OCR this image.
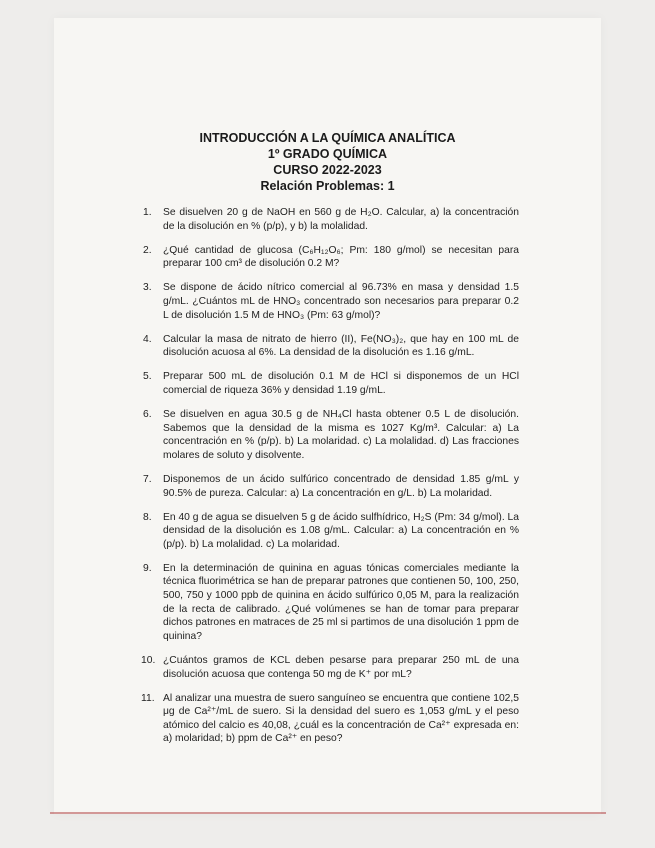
INTRODUCCIÓN A LA QUÍMICA ANALÍTICA
1º GRADO QUÍMICA
CURSO 2022-2023
Relación Problemas: 1
1. Se disuelven 20 g de NaOH en 560 g de H₂O. Calcular, a) la concentración de la disolución en % (p/p), y b) la molalidad.
2. ¿Qué cantidad de glucosa (C₆H₁₂O₆; Pm: 180 g/mol) se necesitan para preparar 100 cm³ de disolución 0.2 M?
3. Se dispone de ácido nítrico comercial al 96.73% en masa y densidad 1.5 g/mL. ¿Cuántos mL de HNO₃ concentrado son necesarios para preparar 0.2 L de disolución 1.5 M de HNO₃ (Pm: 63 g/mol)?
4. Calcular la masa de nitrato de hierro (II), Fe(NO₃)₂, que hay en 100 mL de disolución acuosa al 6%. La densidad de la disolución es 1.16 g/mL.
5. Preparar 500 mL de disolución 0.1 M de HCl si disponemos de un HCl comercial de riqueza 36% y densidad 1.19 g/mL.
6. Se disuelven en agua 30.5 g de NH₄Cl hasta obtener 0.5 L de disolución. Sabemos que la densidad de la misma es 1027 Kg/m³. Calcular: a) La concentración en % (p/p). b) La molaridad. c) La molalidad. d) Las fracciones molares de soluto y disolvente.
7. Disponemos de un ácido sulfúrico concentrado de densidad 1.85 g/mL y 90.5% de pureza. Calcular: a) La concentración en g/L. b) La molaridad.
8. En 40 g de agua se disuelven 5 g de ácido sulfhídrico, H₂S (Pm: 34 g/mol). La densidad de la disolución es 1.08 g/mL. Calcular: a) La concentración en % (p/p). b) La molalidad. c) La molaridad.
9. En la determinación de quinina en aguas tónicas comerciales mediante la técnica fluorimétrica se han de preparar patrones que contienen 50, 100, 250, 500, 750 y 1000 ppb de quinina en ácido sulfúrico 0,05 M, para la realización de la recta de calibrado. ¿Qué volúmenes se han de tomar para preparar dichos patrones en matraces de 25 ml si partimos de una disolución 1 ppm de quinina?
10. ¿Cuántos gramos de KCL deben pesarse para preparar 250 mL de una disolución acuosa que contenga 50 mg de K⁺ por mL?
11. Al analizar una muestra de suero sanguíneo se encuentra que contiene 102,5 μg de Ca²⁺/mL de suero. Si la densidad del suero es 1,053 g/mL y el peso atómico del calcio es 40,08, ¿cuál es la concentración de Ca²⁺ expresada en: a) molaridad; b) ppm de Ca²⁺ en peso?
